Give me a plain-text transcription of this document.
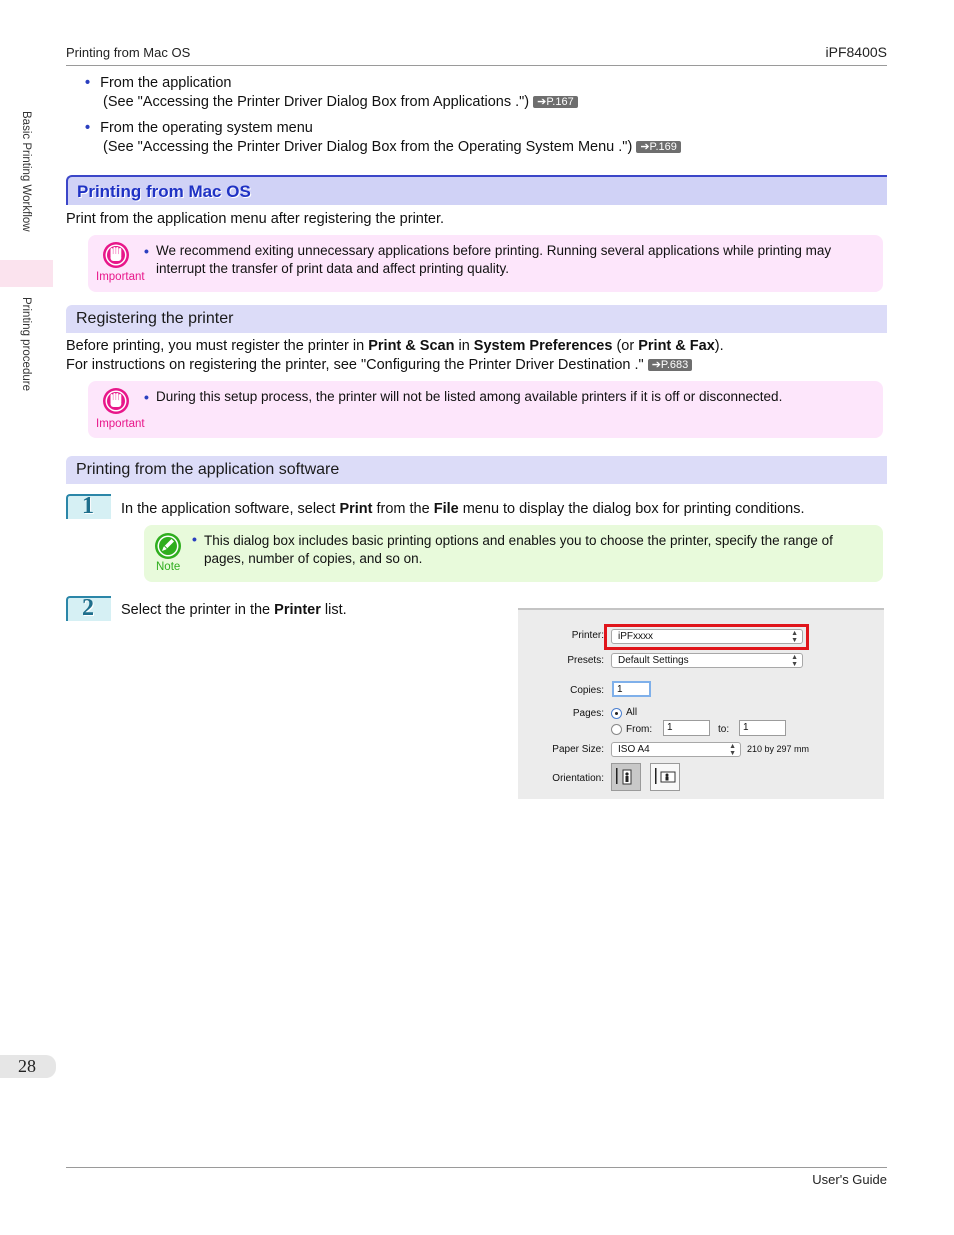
Printing from Mac OS	iPF8400S
Basic Printing Workflow
Printing procedure
• From the application
(See "Accessing the Printer Driver Dialog Box from Applications .") ➔P.167
• From the operating system menu
(See "Accessing the Printer Driver Dialog Box from the Operating System Menu .") ➔P.169
Printing from Mac OS
Print from the application menu after registering the printer.
Important
• We recommend exiting unnecessary applications before printing. Running several applications while printing may interrupt the transfer of print data and affect printing quality.
Registering the printer
Before printing, you must register the printer in Print & Scan in System Preferences (or Print & Fax).
For instructions on registering the printer, see "Configuring the Printer Driver Destination ." ➔P.683
Important
• During this setup process, the printer will not be listed among available printers if it is off or disconnected.
Printing from the application software
1 In the application software, select Print from the File menu to display the dialog box for printing conditions.
Note
• This dialog box includes basic printing options and enables you to choose the printer, specify the range of pages, number of copies, and so on.
2 Select the printer in the Printer list.
Printer:	iPFxxxx	▲
▼
Presets:	Default Settings	▲
▼
Copies:	1
Pages: All
From:	1	to:	1
Paper Size:	ISO A4	▲
▼ 210 by 297 mm
Orientation:
28
User's Guide
